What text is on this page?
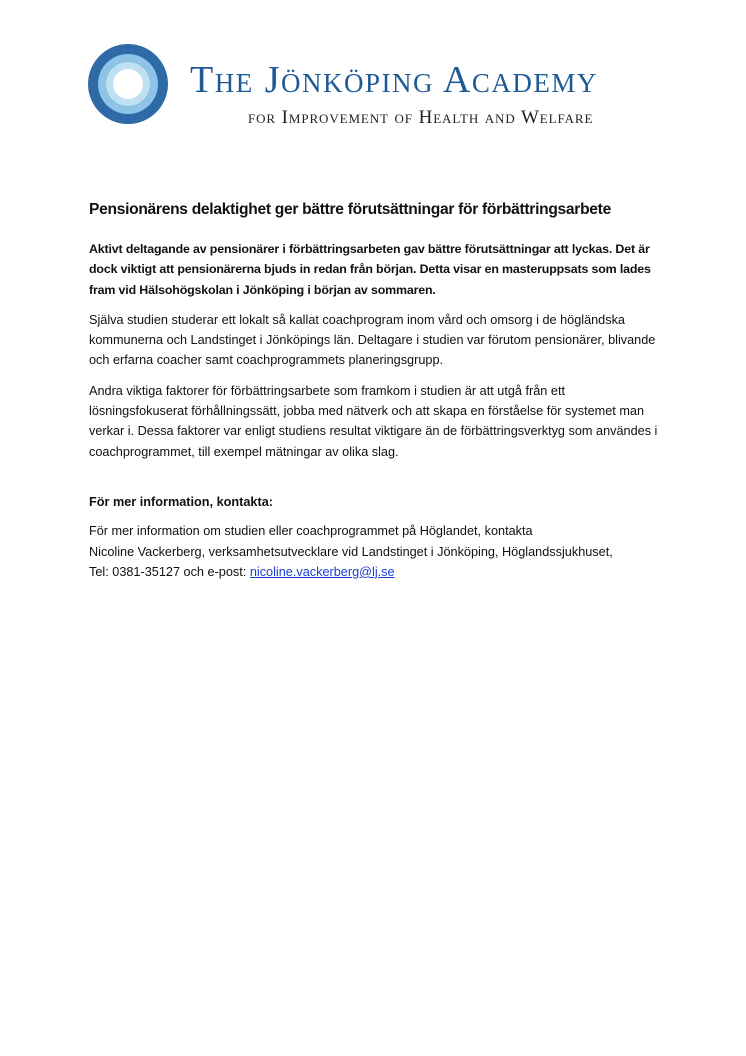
The Jönköping Academy
for Improvement of Health and Welfare
Pensionärens delaktighet ger bättre förutsättningar för förbättringsarbete

Aktivt deltagande av pensionärer i förbättringsarbeten gav bättre förutsättningar att lyckas. Det är dock viktigt att pensionärerna bjuds in redan från början. Detta visar en masteruppsats som lades fram vid Hälsohögskolan i Jönköping i början av sommaren.

Själva studien studerar ett lokalt så kallat coachprogram inom vård och omsorg i de högländska kommunerna och Landstinget i Jönköpings län. Deltagare i studien var förutom pensionärer, blivande och erfarna coacher samt coachprogrammets planeringsgrupp.

Andra viktiga faktorer för förbättringsarbete som framkom i studien är att utgå från ett lösningsfokuserat förhållningssätt, jobba med nätverk och att skapa en förståelse för systemet man verkar i. Dessa faktorer var enligt studiens resultat viktigare än de förbättringsverktyg som användes i coachprogrammet, till exempel mätningar av olika slag.

För mer information, kontakta:

För mer information om studien eller coachprogrammet på Höglandet, kontakta
Nicoline Vackerberg, verksamhetsutvecklare vid Landstinget i Jönköping, Höglandssjukhuset,
Tel: 0381-35127 och e-post: nicoline.vackerberg@lj.se
